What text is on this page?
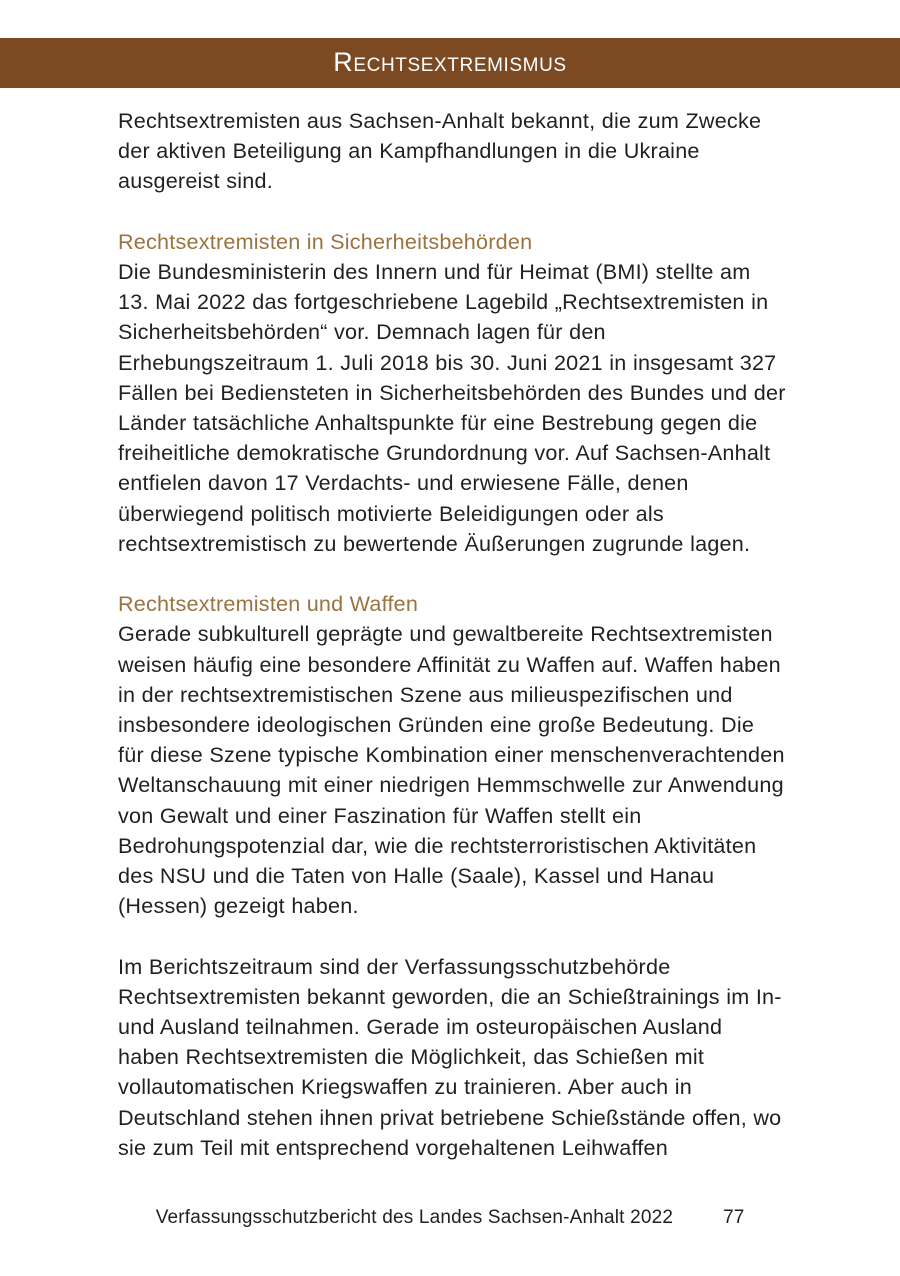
Rechtsextremismus

Rechtsextremisten aus Sachsen-Anhalt bekannt, die zum Zwecke der aktiven Beteiligung an Kampfhandlungen in die Ukraine ausgereist sind.

Rechtsextremisten in Sicherheitsbehörden

Die Bundesministerin des Innern und für Heimat (BMI) stellte am 13. Mai 2022 das fortgeschriebene Lagebild „Rechtsextremisten in Sicherheitsbehörden“ vor. Demnach lagen für den Erhebungszeitraum 1. Juli 2018 bis 30. Juni 2021 in insgesamt 327 Fällen bei Bediensteten in Sicherheitsbehörden des Bundes und der Länder tatsächliche Anhaltspunkte für eine Bestrebung gegen die freiheitliche demokratische Grundordnung vor. Auf Sachsen-Anhalt entfielen davon 17 Verdachts- und erwiesene Fälle, denen überwiegend politisch motivierte Beleidigungen oder als rechtsextremistisch zu bewertende Äußerungen zugrunde lagen.

Rechtsextremisten und Waffen

Gerade subkulturell geprägte und gewaltbereite Rechtsextremisten weisen häufig eine besondere Affinität zu Waffen auf. Waffen haben in der rechtsextremistischen Szene aus milieuspezifischen und insbesondere ideologischen Gründen eine große Bedeutung. Die für diese Szene typische Kombination einer menschenverachtenden Weltanschauung mit einer niedrigen Hemmschwelle zur Anwendung von Gewalt und einer Faszination für Waffen stellt ein Bedrohungspotenzial dar, wie die rechtsterroristischen Aktivitäten des NSU und die Taten von Halle (Saale), Kassel und Hanau (Hessen) gezeigt haben.

Im Berichtszeitraum sind der Verfassungsschutzbehörde Rechtsextremisten bekannt geworden, die an Schießtrainings im In- und Ausland teilnahmen. Gerade im osteuropäischen Ausland haben Rechtsextremisten die Möglichkeit, das Schießen mit vollautomatischen Kriegswaffen zu trainieren. Aber auch in Deutschland stehen ihnen privat betriebene Schießstände offen, wo sie zum Teil mit entsprechend vorgehaltenen Leihwaffen

Verfassungsschutzbericht des Landes Sachsen-Anhalt 2022	77
